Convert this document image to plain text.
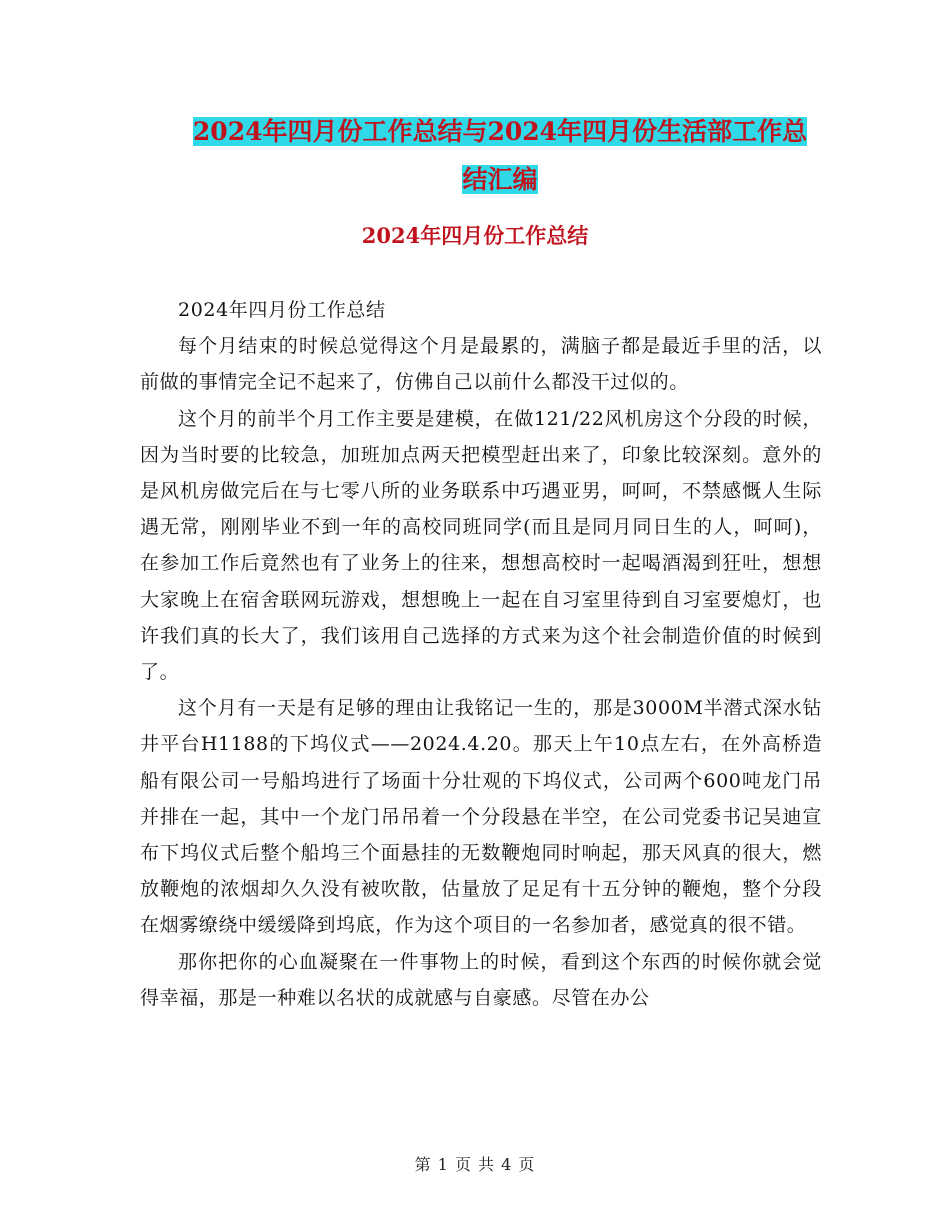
2024年四月份工作总结与2024年四月份生活部工作总
结汇编
2024年四月份工作总结

2024年四月份工作总结

每个月结束的时候总觉得这个月是最累的，满脑子都是最近手里的活，以前做的事情完全记不起来了，仿佛自己以前什么都没干过似的。

这个月的前半个月工作主要是建模，在做121/22风机房这个分段的时候，因为当时要的比较急，加班加点两天把模型赶出来了，印象比较深刻。意外的是风机房做完后在与七零八所的业务联系中巧遇亚男，呵呵，不禁感慨人生际遇无常，刚刚毕业不到一年的高校同班同学(而且是同月同日生的人，呵呵)，在参加工作后竟然也有了业务上的往来，想想高校时一起喝酒渴到狂吐，想想大家晚上在宿舍联网玩游戏，想想晚上一起在自习室里待到自习室要熄灯，也许我们真的长大了，我们该用自己选择的方式来为这个社会制造价值的时候到了。

这个月有一天是有足够的理由让我铭记一生的，那是3000M半潜式深水钻井平台H1188的下坞仪式——2024.4.20。那天上午10点左右，在外高桥造船有限公司一号船坞进行了场面十分壮观的下坞仪式，公司两个600吨龙门吊并排在一起，其中一个龙门吊吊着一个分段悬在半空，在公司党委书记吴迪宣布下坞仪式后整个船坞三个面悬挂的无数鞭炮同时响起，那天风真的很大，燃放鞭炮的浓烟却久久没有被吹散，估量放了足足有十五分钟的鞭炮，整个分段在烟雾缭绕中缓缓降到坞底，作为这个项目的一名参加者，感觉真的很不错。

那你把你的心血凝聚在一件事物上的时候，看到这个东西的时候你就会觉得幸福，那是一种难以名状的成就感与自豪感。尽管在办公

第 1 页 共 4 页
